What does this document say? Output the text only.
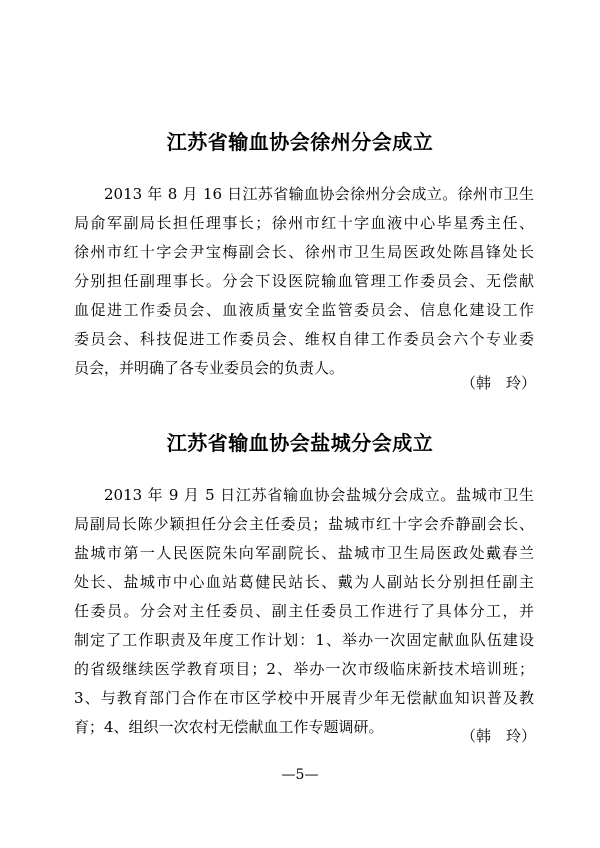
江苏省输血协会徐州分会成立
2013 年 8 月 16 日江苏省输血协会徐州分会成立。徐州市卫生
局俞军副局长担任理事长；徐州市红十字血液中心毕星秀主任、
徐州市红十字会尹宝梅副会长、徐州市卫生局医政处陈昌锋处长
分别担任副理事长。分会下设医院输血管理工作委员会、无偿献
血促进工作委员会、血液质量安全监管委员会、信息化建设工作
委员会、科技促进工作委员会、维权自律工作委员会六个专业委
员会，并明确了各专业委员会的负责人。
（韩　玲）
江苏省输血协会盐城分会成立
2013 年 9 月 5 日江苏省输血协会盐城分会成立。盐城市卫生
局副局长陈少颖担任分会主任委员；盐城市红十字会乔静副会长、
盐城市第一人民医院朱向军副院长、盐城市卫生局医政处戴春兰
处长、盐城市中心血站葛健民站长、戴为人副站长分别担任副主
任委员。分会对主任委员、副主任委员工作进行了具体分工，并
制定了工作职责及年度工作计划：1、举办一次固定献血队伍建设
的省级继续医学教育项目；2、举办一次市级临床新技术培训班；
3、与教育部门合作在市区学校中开展青少年无偿献血知识普及教
育；4、组织一次农村无偿献血工作专题调研。	（韩　玲）
—5—
